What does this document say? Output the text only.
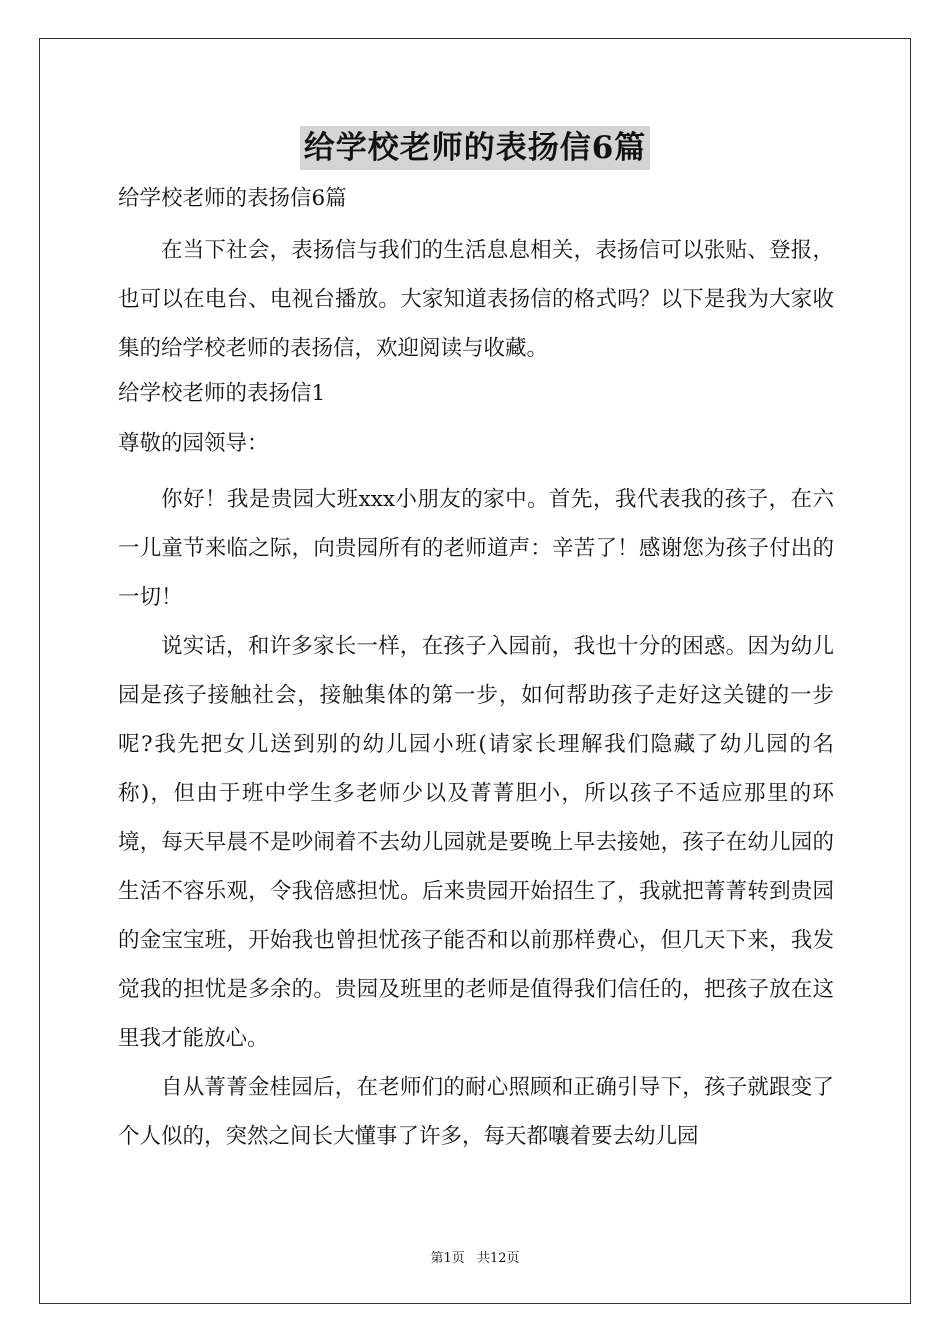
给学校老师的表扬信6篇

给学校老师的表扬信6篇

在当下社会，表扬信与我们的生活息息相关，表扬信可以张贴、登报，也可以在电台、电视台播放。大家知道表扬信的格式吗？以下是我为大家收集的给学校老师的表扬信，欢迎阅读与收藏。

给学校老师的表扬信1

尊敬的园领导：

你好！我是贵园大班xxx小朋友的家中。首先，我代表我的孩子，在六一儿童节来临之际，向贵园所有的老师道声：辛苦了！感谢您为孩子付出的一切！

说实话，和许多家长一样，在孩子入园前，我也十分的困惑。因为幼儿园是孩子接触社会，接触集体的第一步，如何帮助孩子走好这关键的一步呢?我先把女儿送到别的幼儿园小班(请家长理解我们隐藏了幼儿园的名称)，但由于班中学生多老师少以及菁菁胆小，所以孩子不适应那里的环境，每天早晨不是吵闹着不去幼儿园就是要晚上早去接她，孩子在幼儿园的生活不容乐观，令我倍感担忧。后来贵园开始招生了，我就把菁菁转到贵园的金宝宝班，开始我也曾担忧孩子能否和以前那样费心，但几天下来，我发觉我的担忧是多余的。贵园及班里的老师是值得我们信任的，把孩子放在这里我才能放心。

自从菁菁金桂园后，在老师们的耐心照顾和正确引导下，孩子就跟变了个人似的，突然之间长大懂事了许多，每天都嚷着要去幼儿园

第1页 共12页
